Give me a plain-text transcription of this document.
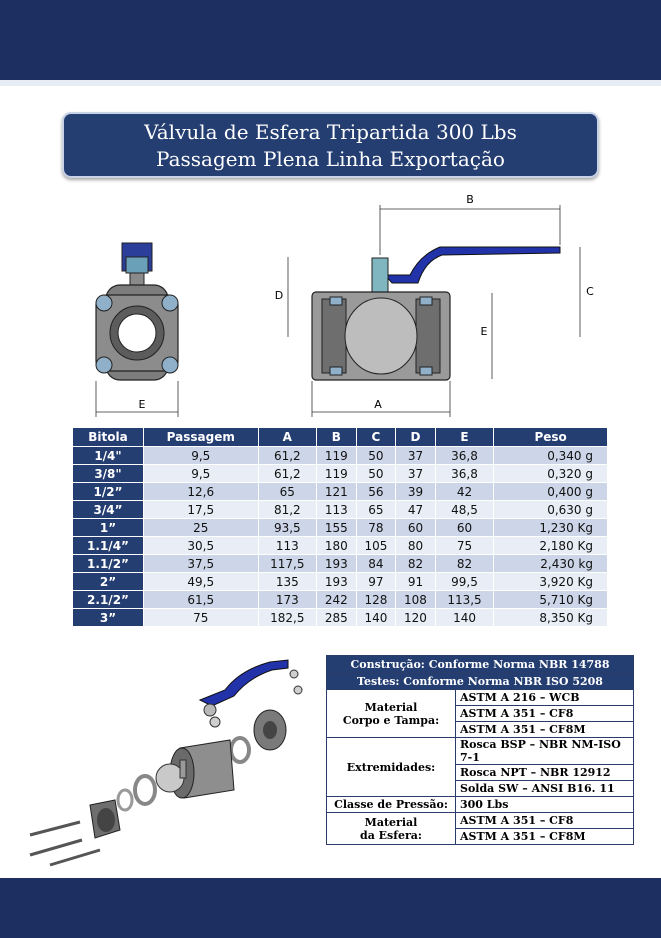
Válvula de Esfera Tripartida 300 Lbs
Passagem Plena Linha Exportação
E	A
B
C
D
E
Bitola	Passagem	A	B	C	D	E	Peso
1/4"	9,5	61,2	119	50	37	36,8	0,340 g
3/8"	9,5	61,2	119	50	37	36,8	0,320 g
1/2”	12,6	65	121	56	39	42	0,400 g
3/4”	17,5	81,2	113	65	47	48,5	0,630 g
1”	25	93,5	155	78	60	60	1,230 Kg
1.1/4”	30,5	113	180	105	80	75	2,180 Kg
1.1/2”	37,5	117,5	193	84	82	82	2,430 kg
2”	49,5	135	193	97	91	99,5	3,920 Kg
2.1/2”	61,5	173	242	128	108	113,5	5,710 Kg
3”	75	182,5	285	140	120	140	8,350 Kg
Construção: Conforme Norma NBR 14788	
Testes: Conforme Norma NBR ISO 5208	
Material
Corpo e Tampa:	ASTM A 216 – WCB
	ASTM A 351 – CF8
	ASTM A 351 – CF8M
Extremidades:	Rosca BSP – NBR NM-ISO 7-1
	Rosca NPT – NBR 12912
	Solda SW – ANSI B16. 11
Classe de Pressão:	300 Lbs
Material
da Esfera:	ASTM A 351 – CF8
	ASTM A 351 – CF8M
